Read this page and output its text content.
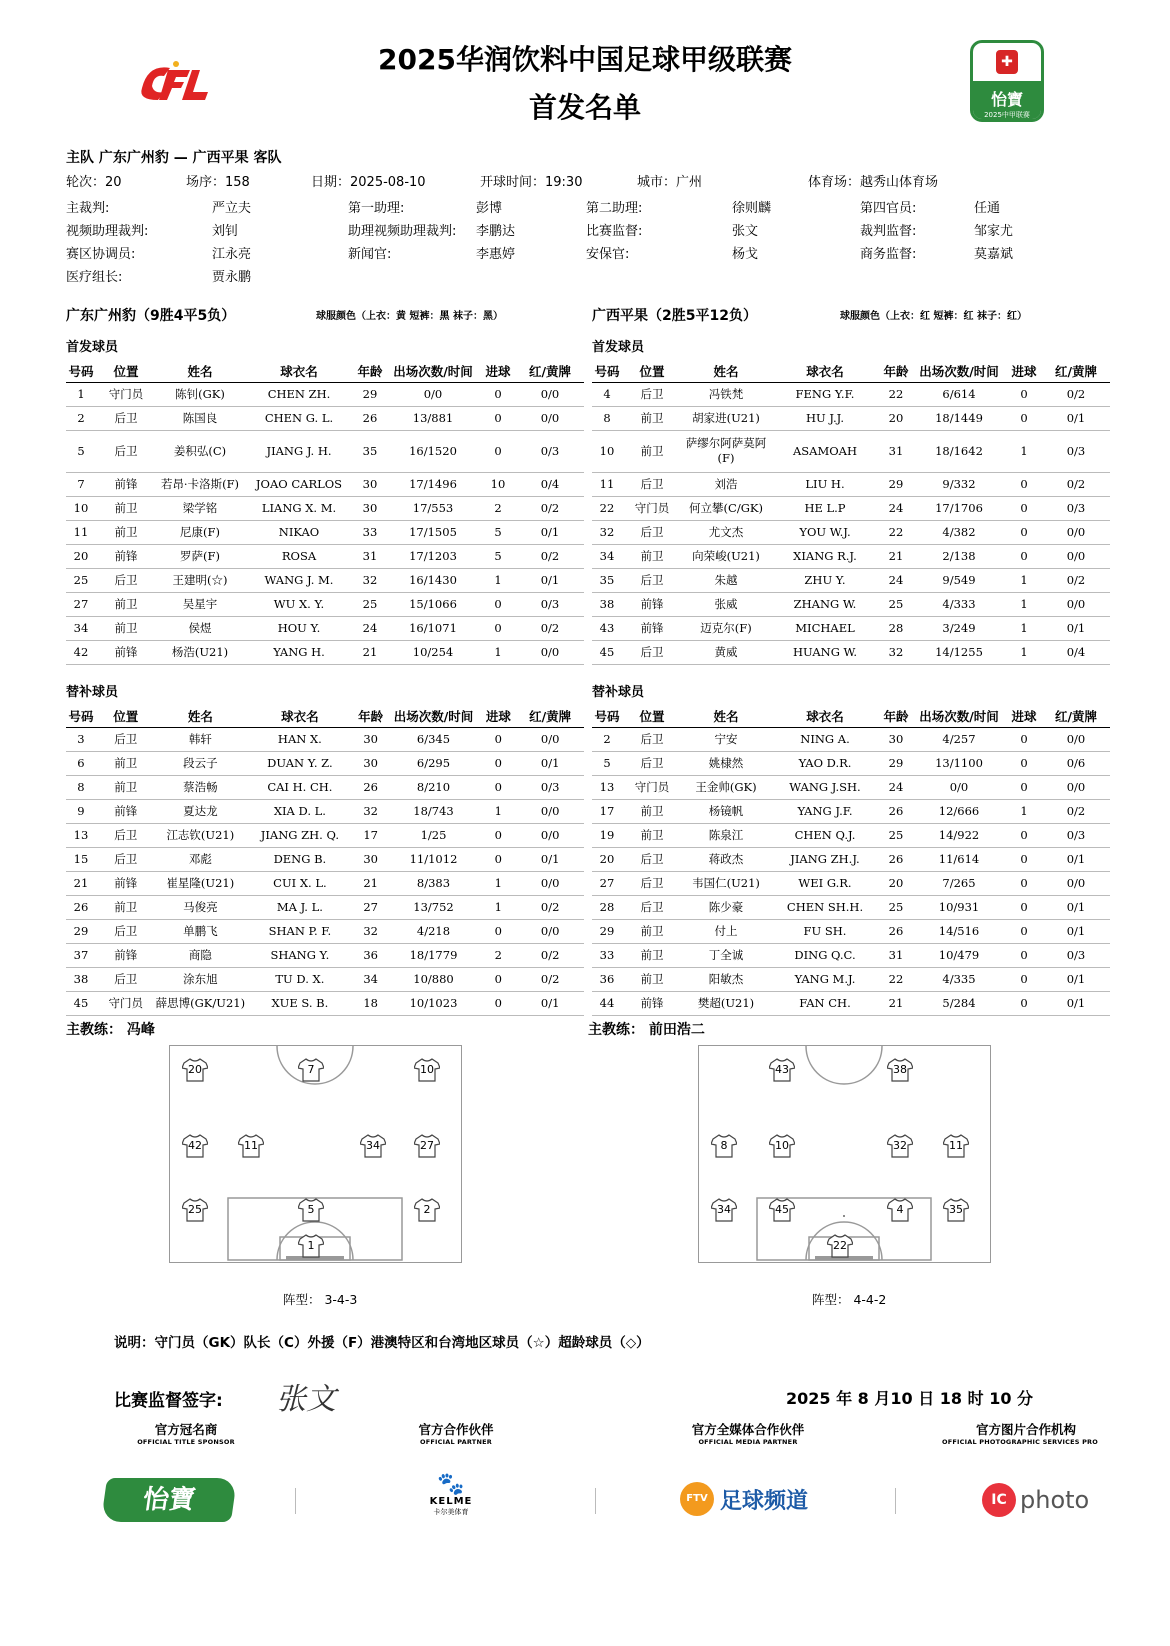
2025华润饮料中国足球甲级联赛
首发名单
✚
怡寶
2025中甲联赛
主队 广东广州豹 — 广西平果 客队
轮次：20	场序：158	日期：2025-08-10	开球时间：19:30	城市：广州	体育场：越秀山体育场
主裁判:	严立夫	第一助理:	彭博	第二助理:	徐则麟	第四官员:	任通
视频助理裁判:	刘钊	助理视频助理裁判: 李鹏达	比赛监督:	张文	裁判监督:	邹家尤
赛区协调员:	江永亮	新闻官:	李惠婷	安保官:	杨戈	商务监督:	莫嘉斌
医疗组长:	贾永鹏
广东广州豹（9胜4平5负）	球服颜色（上衣：黄 短裤：黑 袜子：黑）	广西平果（2胜5平12负）	球服颜色（上衣：红 短裤：红 袜子：红）
首发球员	首发球员
替补球员	替补球员
号码	位置	姓名	球衣名	年龄	出场次数/时间	进球	红/黄牌
1	守门员	陈钊(GK)	CHEN ZH.	29	0/0	0	0/0
2	后卫	陈国良	CHEN G. L.	26	13/881	0	0/0
5	后卫	姜积弘(C)	JIANG J. H.	35	16/1520	0	0/3
7	前锋	若昂·卡洛斯(F)	JOAO CARLOS	30	17/1496	10	0/4
10	前卫	梁学铭	LIANG X. M.	30	17/553	2	0/2
11	前卫	尼康(F)	NIKAO	33	17/1505	5	0/1
20	前锋	罗萨(F)	ROSA	31	17/1203	5	0/2
25	后卫	王建明(☆)	WANG J. M.	32	16/1430	1	0/1
27	前卫	吴星宇	WU X. Y.	25	15/1066	0	0/3
34	前卫	侯煜	HOU Y.	24	16/1071	0	0/2
42	前锋	杨浩(U21)	YANG H.	21	10/254	1	0/0
号码	位置	姓名	球衣名	年龄	出场次数/时间	进球	红/黄牌
4	后卫	冯铁梵	FENG Y.F.	22	6/614	0	0/2
8	前卫	胡家进(U21)	HU J.J.	20	18/1449	0	0/1
10	前卫	萨缪尔阿萨莫阿(F)	ASAMOAH	31	18/1642	1	0/3
11	后卫	刘浩	LIU H.	29	9/332	0	0/2
22	守门员	何立攀(C/GK)	HE L.P	24	17/1706	0	0/3
32	后卫	尤文杰	YOU W.J.	22	4/382	0	0/0
34	前卫	向荣峻(U21)	XIANG R.J.	21	2/138	0	0/0
35	后卫	朱越	ZHU Y.	24	9/549	1	0/2
38	前锋	张威	ZHANG W.	25	4/333	1	0/0
43	前锋	迈克尔(F)	MICHAEL	28	3/249	1	0/1
45	后卫	黄威	HUANG W.	32	14/1255	1	0/4
号码	位置	姓名	球衣名	年龄	出场次数/时间	进球	红/黄牌
3	后卫	韩轩	HAN X.	30	6/345	0	0/0
6	前卫	段云子	DUAN Y. Z.	30	6/295	0	0/1
8	前卫	蔡浩畅	CAI H. CH.	26	8/210	0	0/3
9	前锋	夏达龙	XIA D. L.	32	18/743	1	0/0
13	后卫	江志钦(U21)	JIANG ZH. Q.	17	1/25	0	0/0
15	后卫	邓彪	DENG B.	30	11/1012	0	0/1
21	前锋	崔星隆(U21)	CUI X. L.	21	8/383	1	0/0
26	前卫	马俊亮	MA J. L.	27	13/752	1	0/2
29	后卫	单鹏飞	SHAN P. F.	32	4/218	0	0/0
37	前锋	商隐	SHANG Y.	36	18/1779	2	0/2
38	后卫	涂东旭	TU D. X.	34	10/880	0	0/2
45	守门员	薛思博(GK/U21)	XUE S. B.	18	10/1023	0	0/1
号码	位置	姓名	球衣名	年龄	出场次数/时间	进球	红/黄牌
2	后卫	宁安	NING A.	30	4/257	0	0/0
5	后卫	姚棣然	YAO D.R.	29	13/1100	0	0/6
13	守门员	王金帅(GK)	WANG J.SH.	24	0/0	0	0/0
17	前卫	杨镜帆	YANG J.F.	26	12/666	1	0/2
19	前卫	陈泉江	CHEN Q.J.	25	14/922	0	0/3
20	后卫	蒋政杰	JIANG ZH.J.	26	11/614	0	0/1
27	后卫	韦国仁(U21)	WEI G.R.	20	7/265	0	0/0
28	后卫	陈少豪	CHEN SH.H.	25	10/931	0	0/1
29	前卫	付上	FU SH.	26	14/516	0	0/1
33	前卫	丁全诚	DING Q.C.	31	10/479	0	0/3
36	前卫	阳敏杰	YANG M.J.	22	4/335	0	0/1
44	前锋	樊超(U21)	FAN CH.	21	5/284	0	0/1
主教练： 冯峰	主教练： 前田浩二
20	7	10
42	11	34	27
25	5	2
1
43	38
8	10	32	11
34	45	4	35
22
阵型： 3-4-3	阵型： 4-4-2
说明：守门员（GK）队长（C）外援（F）港澳特区和台湾地区球员（☆）超龄球员（◇）
比赛监督签字: 张文	2025 年 8 月10 日 18 时 10 分
官方冠名商
OFFICIAL TITLE SPONSOR
官方合作伙伴
OFFICIAL PARTNER
官方全媒体合作伙伴
OFFICIAL MEDIA PARTNER
官方图片合作机构
OFFICIAL PHOTOGRAPHIC SERVICES PRO
怡寶
🐾
KELME
卡尔美体育
FTV 足球频道	IC photo
